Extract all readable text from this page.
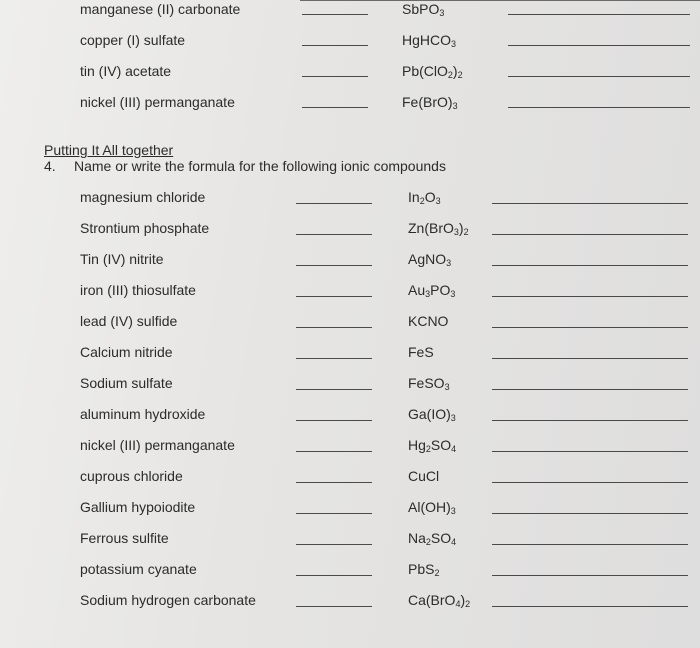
manganese (II) carbonate	SbPO$_3$
copper (I) sulfate	HgHCO$_3$
tin (IV) acetate	$Pb(ClO_2)_2$
nickel (III) permanganate	$Fe(BrO)_3$
Putting It All together
4. Name or write the formula for the following ionic compounds
magnesium chloride	$In_2O_3$
Strontium phosphate	$Zn(BrO_3)_2$
Tin (IV) nitrite	AgNO$_3$
iron (III) thiosulfate	$Au_3PO_3$
lead (IV) sulfide	KCNO
Calcium nitride	FeS
Sodium sulfate	FeSO$_3$
aluminum hydroxide	$Ga(IO)_3$
nickel (III) permanganate	$Hg_2SO_4$
cuprous chloride	CuCl
Gallium hypoiodite	$Al(OH)_3$
Ferrous sulfite	$Na_2SO_4$
potassium cyanate	PbS$_2$
Sodium hydrogen carbonate	$Ca(BrO_4)_2$
